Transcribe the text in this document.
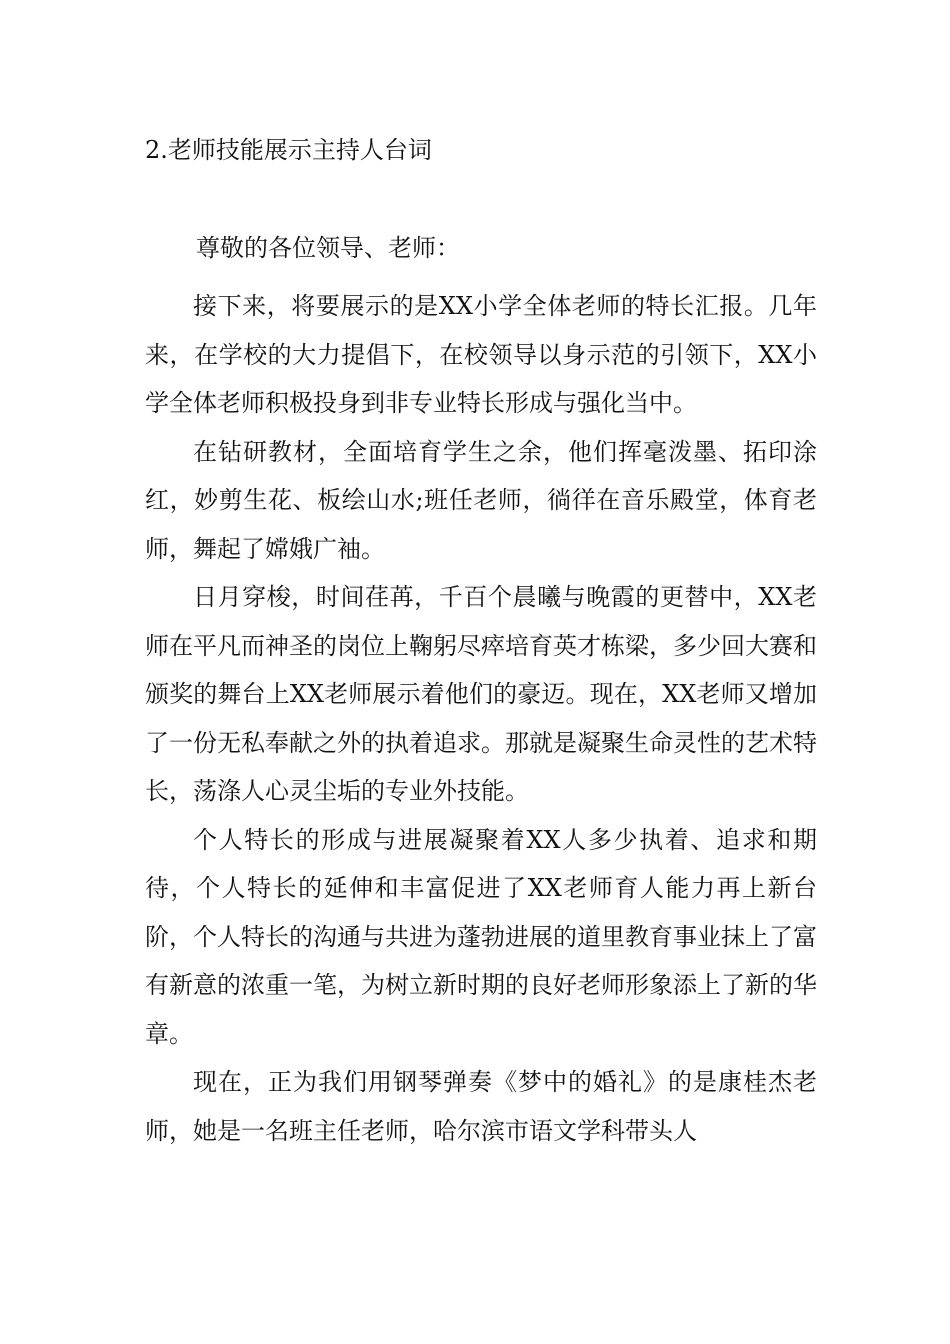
2.老师技能展示主持人台词
尊敬的各位领导、老师：

接下来，将要展示的是XX小学全体老师的特长汇报。几年来，在学校的大力提倡下，在校领导以身示范的引领下，XX小学全体老师积极投身到非专业特长形成与强化当中。

在钻研教材，全面培育学生之余，他们挥毫泼墨、拓印涂红，妙剪生花、板绘山水;班任老师，徜徉在音乐殿堂，体育老师，舞起了嫦娥广袖。

日月穿梭，时间荏苒，千百个晨曦与晚霞的更替中，XX老师在平凡而神圣的岗位上鞠躬尽瘁培育英才栋梁，多少回大赛和颁奖的舞台上XX老师展示着他们的豪迈。现在，XX老师又增加了一份无私奉献之外的执着追求。那就是凝聚生命灵性的艺术特长，荡涤人心灵尘垢的专业外技能。

个人特长的形成与进展凝聚着XX人多少执着、追求和期待，个人特长的延伸和丰富促进了XX老师育人能力再上新台阶，个人特长的沟通与共进为蓬勃进展的道里教育事业抹上了富有新意的浓重一笔，为树立新时期的良好老师形象添上了新的华章。

现在，正为我们用钢琴弹奏《梦中的婚礼》的是康桂杰老师，她是一名班主任老师，哈尔滨市语文学科带头人
